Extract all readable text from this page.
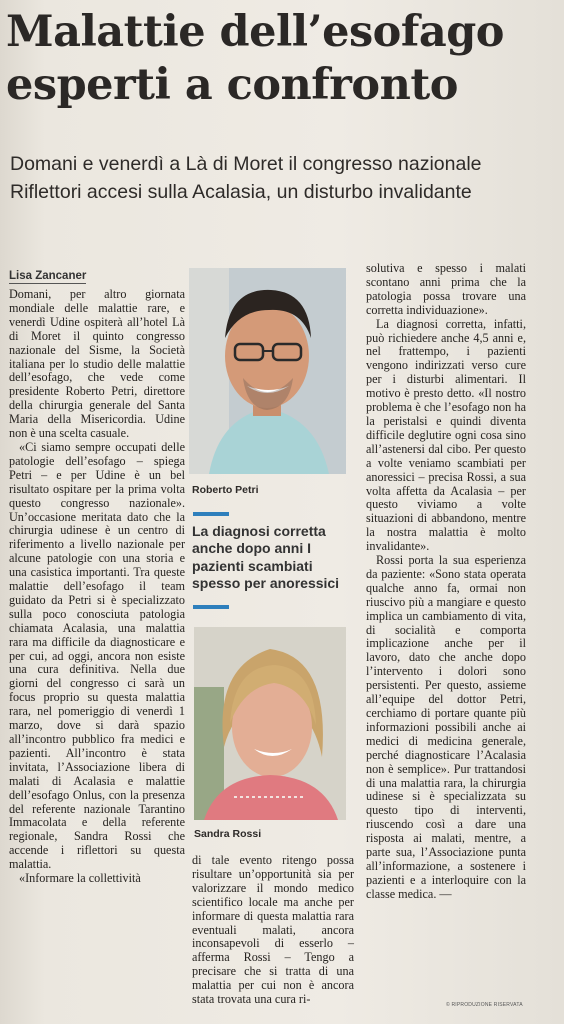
Malattie dell’esofago
esperti a confronto
Domani e venerdì a Là di Moret il congresso nazionale
Riflettori accesi sulla Acalasia, un disturbo invalidante
Lisa Zancaner

Domani, per altro giornata mondiale delle malattie rare, e venerdì Udine ospiterà all’hotel Là di Moret il quinto congresso nazionale del Sismе, la Società italiana per lo studio delle malattie dell’esofago, che vede come presidente Roberto Petri, direttore della chirurgia generale del Santa Maria della Misericordia. Udine non è una scelta casuale.

«Ci siamo sempre occupati delle patologie dell’esofago – spiega Petri – e per Udine è un bel risultato ospitare per la prima volta questo congresso nazionale». Un’occasione meritata dato che la chirurgia udinese è un centro di riferimento a livello nazionale per alcune patologie con una storia e una casistica importanti. Tra queste malattie dell’esofago il team guidato da Petri si è specializzato sulla poco conosciuta patologia chiamata Acalasia, una malattia rara ma difficile da diagnosticare e per cui, ad oggi, ancora non esiste una cura definitiva. Nella due giorni del congresso ci sarà un focus proprio su questa malattia rara, nel pomeriggio di venerdì 1 marzo, dove si darà spazio all’incontro pubblico fra medici e pazienti. All’incontro è stata invitata, l’Associazione libera di malati di Acalasia e malattie dell’esofago Onlus, con la presenza del referente nazionale Tarantino Immacolata e della referente regionale, Sandra Rossi che accende i riflettori su questa malattia.

«Informare la collettività

Roberto Petri
La diagnosi corretta anche dopo anni I pazienti scambiati spesso per anoressici
Sandra Rossi

di tale evento ritengo possa risultare un’opportunità sia per valorizzare il mondo medico scientifico locale ma anche per informare di questa malattia rara eventuali malati, ancora inconsapevoli di esserlo – afferma Rossi – Tengo a precisare che si tratta di una malattia per cui non è ancora stata trovata una cura ri-

solutiva e spesso i malati scontano anni prima che la patologia possa trovare una corretta individuazione».

La diagnosi corretta, infatti, può richiedere anche 4,5 anni e, nel frattempo, i pazienti vengono indirizzati verso cure per i disturbi alimentari. Il motivo è presto detto. «Il nostro problema è che l’esofago non ha la peristalsi e quindi diventa difficile deglutire ogni cosa sino all’astenersi dal cibo. Per questo a volte veniamo scambiati per anoressici – precisa Rossi, a sua volta affetta da Acalasia – per questo viviamo a volte situazioni di abbandono, mentre la nostra malattia è molto invalidante».

Rossi porta la sua esperienza da paziente: «Sono stata operata qualche anno fa, ormai non riuscivo più a mangiare e questo implica un cambiamento di vita, di socialità e comporta implicazione anche per il lavoro, dato che anche dopo l’intervento i dolori sono persistenti. Per questo, assieme all’equipe del dottor Petri, cerchiamo di portare quante più informazioni possibili anche ai medici di medicina generale, perché diagnosticare l’Acalasia non è semplice». Pur trattandosi di una malattia rara, la chirurgia udinese si è specializzata su questo tipo di interventi, riuscendo così a dare una risposta ai malati, mentre, a parte sua, l’Associazione punta all’informazione, a sostenere i pazienti e a interloquire con la classe medica. —

© RIPRODUZIONE RISERVATA
